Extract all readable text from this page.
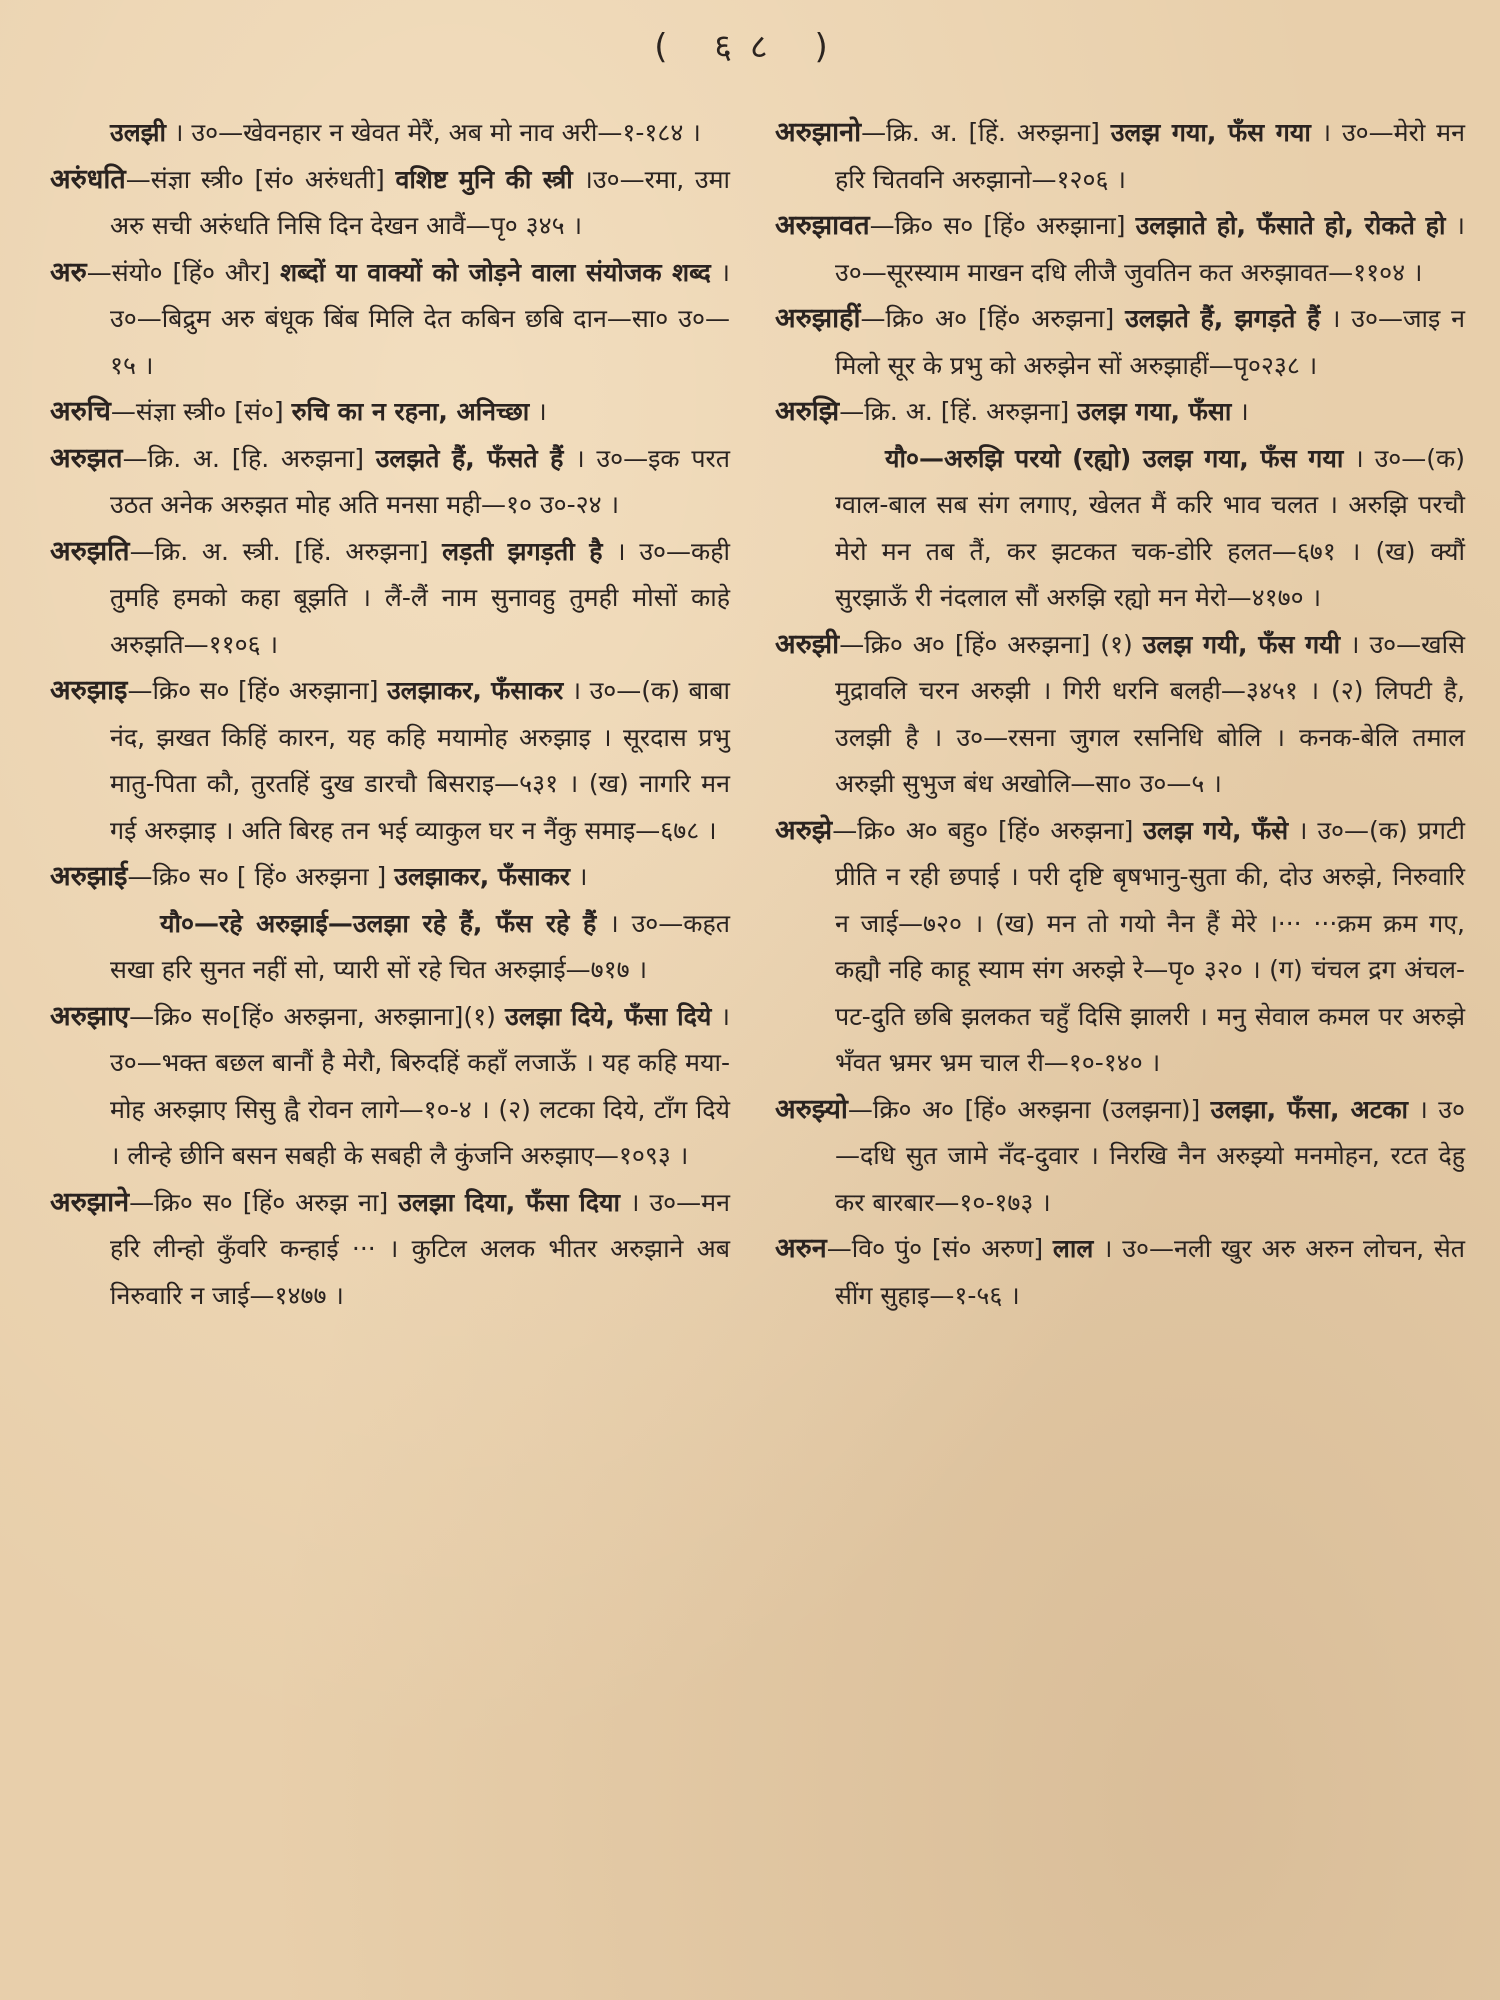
( ६८ )

उलझी । उ०—खेवनहार न खेवत मेरैं, अब मो नाव अरी—१-१८४ ।

अरुंधति—संज्ञा स्त्री० [सं० अरुंधती] वशिष्ट मुनि की स्त्री ।उ०—रमा, उमा अरु सची अरुंधति निसि दिन देखन आवैं—पृ० ३४५ ।

अरु—संयो० [हिं० और] शब्दों या वाक्यों को जोड़ने वाला संयोजक शब्द । उ०—बिद्रुम अरु बंधूक बिंब मिलि देत कबिन छबि दान—सा० उ०—१५ ।

अरुचि—संज्ञा स्त्री० [सं०] रुचि का न रहना, अनिच्छा ।

अरुझत—क्रि. अ. [हि. अरुझना] उलझते हैं, फँसते हैं । उ०—इक परत उठत अनेक अरुझत मोह अति मनसा मही—१० उ०-२४ ।

अरुझति—क्रि. अ. स्त्री. [हिं. अरुझना] लड़ती झगड़ती है । उ०—कही तुमहि हमको कहा बूझति । लैं-लैं नाम सुनावहु तुमही मोसों काहे अरुझति—११०६ ।

अरुझाइ—क्रि० स० [हिं० अरुझाना] उलझाकर, फँसाकर । उ०—(क) बाबा नंद, झखत किहिं कारन, यह कहि मयामोह अरुझाइ । सूरदास प्रभु मातु-पिता कौ, तुरतहिं दुख डारचौ बिसराइ—५३१ । (ख) नागरि मन गई अरुझाइ । अति बिरह तन भई व्याकुल घर न नैंकु समाइ—६७८ ।

अरुझाई—क्रि० स० [ हिं० अरुझना ] उलझाकर, फँसाकर ।

यौ०—रहे अरुझाई—उलझा रहे हैं, फँस रहे हैं । उ०—कहत सखा हरि सुनत नहीं सो, प्यारी सों रहे चित अरुझाई—७१७ ।

अरुझाए—क्रि० स०[हिं० अरुझना, अरुझाना](१) उलझा दिये, फँसा दिये । उ०—भक्त बछल बानौं है मेरौ, बिरुदहिं कहाँ लजाऊँ । यह कहि मया-मोह अरुझाए सिसु ह्वै रोवन लागे—१०-४ । (२) लटका दिये, टाँग दिये । लीन्हे छीनि बसन सबही के सबही लै कुंजनि अरुझाए—१०९३ ।

अरुझाने—क्रि० स० [हिं० अरुझ ना] उलझा दिया, फँसा दिया । उ०—मन हरि लीन्हो कुँवरि कन्हाई ··· । कुटिल अलक भीतर अरुझाने अब निरुवारि न जाई—१४७७ ।

अरुझानो—क्रि. अ. [हिं. अरुझना] उलझ गया, फँस गया । उ०—मेरो मन हरि चितवनि अरुझानो—१२०६ ।

अरुझावत—क्रि० स० [हिं० अरुझाना] उलझाते हो, फँसाते हो, रोकते हो । उ०—सूरस्याम माखन दधि लीजै जुवतिन कत अरुझावत—११०४ ।

अरुझाहीं—क्रि० अ० [हिं० अरुझना] उलझते हैं, झगड़ते हैं । उ०—जाइ न मिलो सूर के प्रभु को अरुझेन सों अरुझाहीं—पृ०२३८ ।

अरुझि—क्रि. अ. [हिं. अरुझना] उलझ गया, फँसा ।

यौ०—अरुझि परयो (रह्यो) उलझ गया, फँस गया । उ०—(क) ग्वाल-बाल सब संग लगाए, खेलत मैं करि भाव चलत । अरुझि परचौ मेरो मन तब तैं, कर झटकत चक-डोरि हलत—६७१ । (ख) क्यौं सुरझाऊँ री नंदलाल सौं अरुझि रह्यो मन मेरो—४१७० ।

अरुझी—क्रि० अ० [हिं० अरुझना] (१) उलझ गयी, फँस गयी । उ०—खसि मुद्रावलि चरन अरुझी । गिरी धरनि बलही—३४५१ । (२) लिपटी है, उलझी है । उ०—रसना जुगल रसनिधि बोलि । कनक-बेलि तमाल अरुझी सुभुज बंध अखोलि—सा० उ०—५ ।

अरुझे—क्रि० अ० बहु० [हिं० अरुझना] उलझ गये, फँसे । उ०—(क) प्रगटी प्रीति न रही छपाई । परी दृष्टि बृषभानु-सुता की, दोउ अरुझे, निरुवारि न जाई—७२० । (ख) मन तो गयो नैन हैं मेरे ।··· ···क्रम क्रम गए, कह्यौ नहि काहू स्याम संग अरुझे रे—पृ० ३२० । (ग) चंचल द्रग अंचल-पट-दुति छबि झलकत चहुँ दिसि झालरी । मनु सेवाल कमल पर अरुझे भँवत भ्रमर भ्रम चाल री—१०-१४० ।

अरुझ्यो—क्रि० अ० [हिं० अरुझना (उलझना)] उलझा, फँसा, अटका । उ०—दधि सुत जामे नँद-दुवार । निरखि नैन अरुझ्यो मनमोहन, रटत देहु कर बारबार—१०-१७३ ।

अरुन—वि० पुं० [सं० अरुण] लाल । उ०—नली खुर अरु अरुन लोचन, सेत सींग सुहाइ—१-५६ ।
